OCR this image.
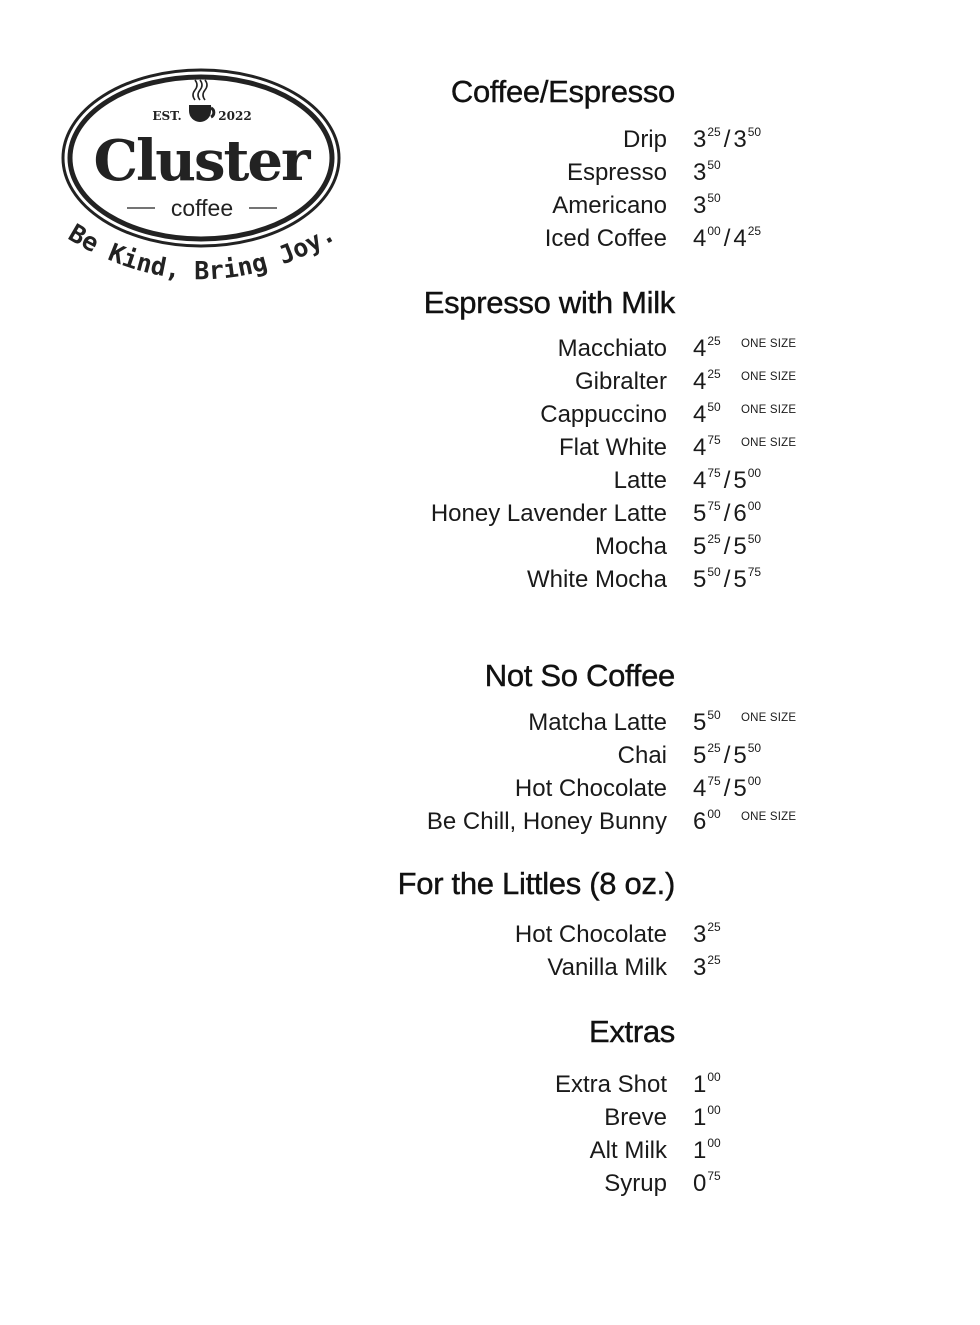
EST.	2022
Cluster
coffee
Be Kind, Bring Joy.
Coffee/Espresso
Espresso with Milk
Not So Coffee
For the Littles (8 oz.)
Extras
Drip $3^{25} / 3^{50}$
Espresso $3^{50}$
Americano $3^{50}$
Iced Coffee $4^{00} / 4^{25}$
Macchiato $4^{25}$ ONE SIZE
Gibralter $4^{25}$ ONE SIZE
Cappuccino $4^{50}$ ONE SIZE
Flat White $4^{75}$ ONE SIZE
Latte $4^{75} / 5^{00}$
Honey Lavender Latte $5^{75} / 6^{00}$
Mocha $5^{25} / 5^{50}$
White Mocha $5^{50} / 5^{75}$
Matcha Latte $5^{50}$ ONE SIZE
Chai $5^{25} / 5^{50}$
Hot Chocolate $4^{75} / 5^{00}$
Be Chill, Honey Bunny $6^{00}$ ONE SIZE
Hot Chocolate $3^{25}$
Vanilla Milk $3^{25}$
Extra Shot $1^{00}$
Breve $1^{00}$
Alt Milk $1^{00}$
Syrup $0^{75}$
